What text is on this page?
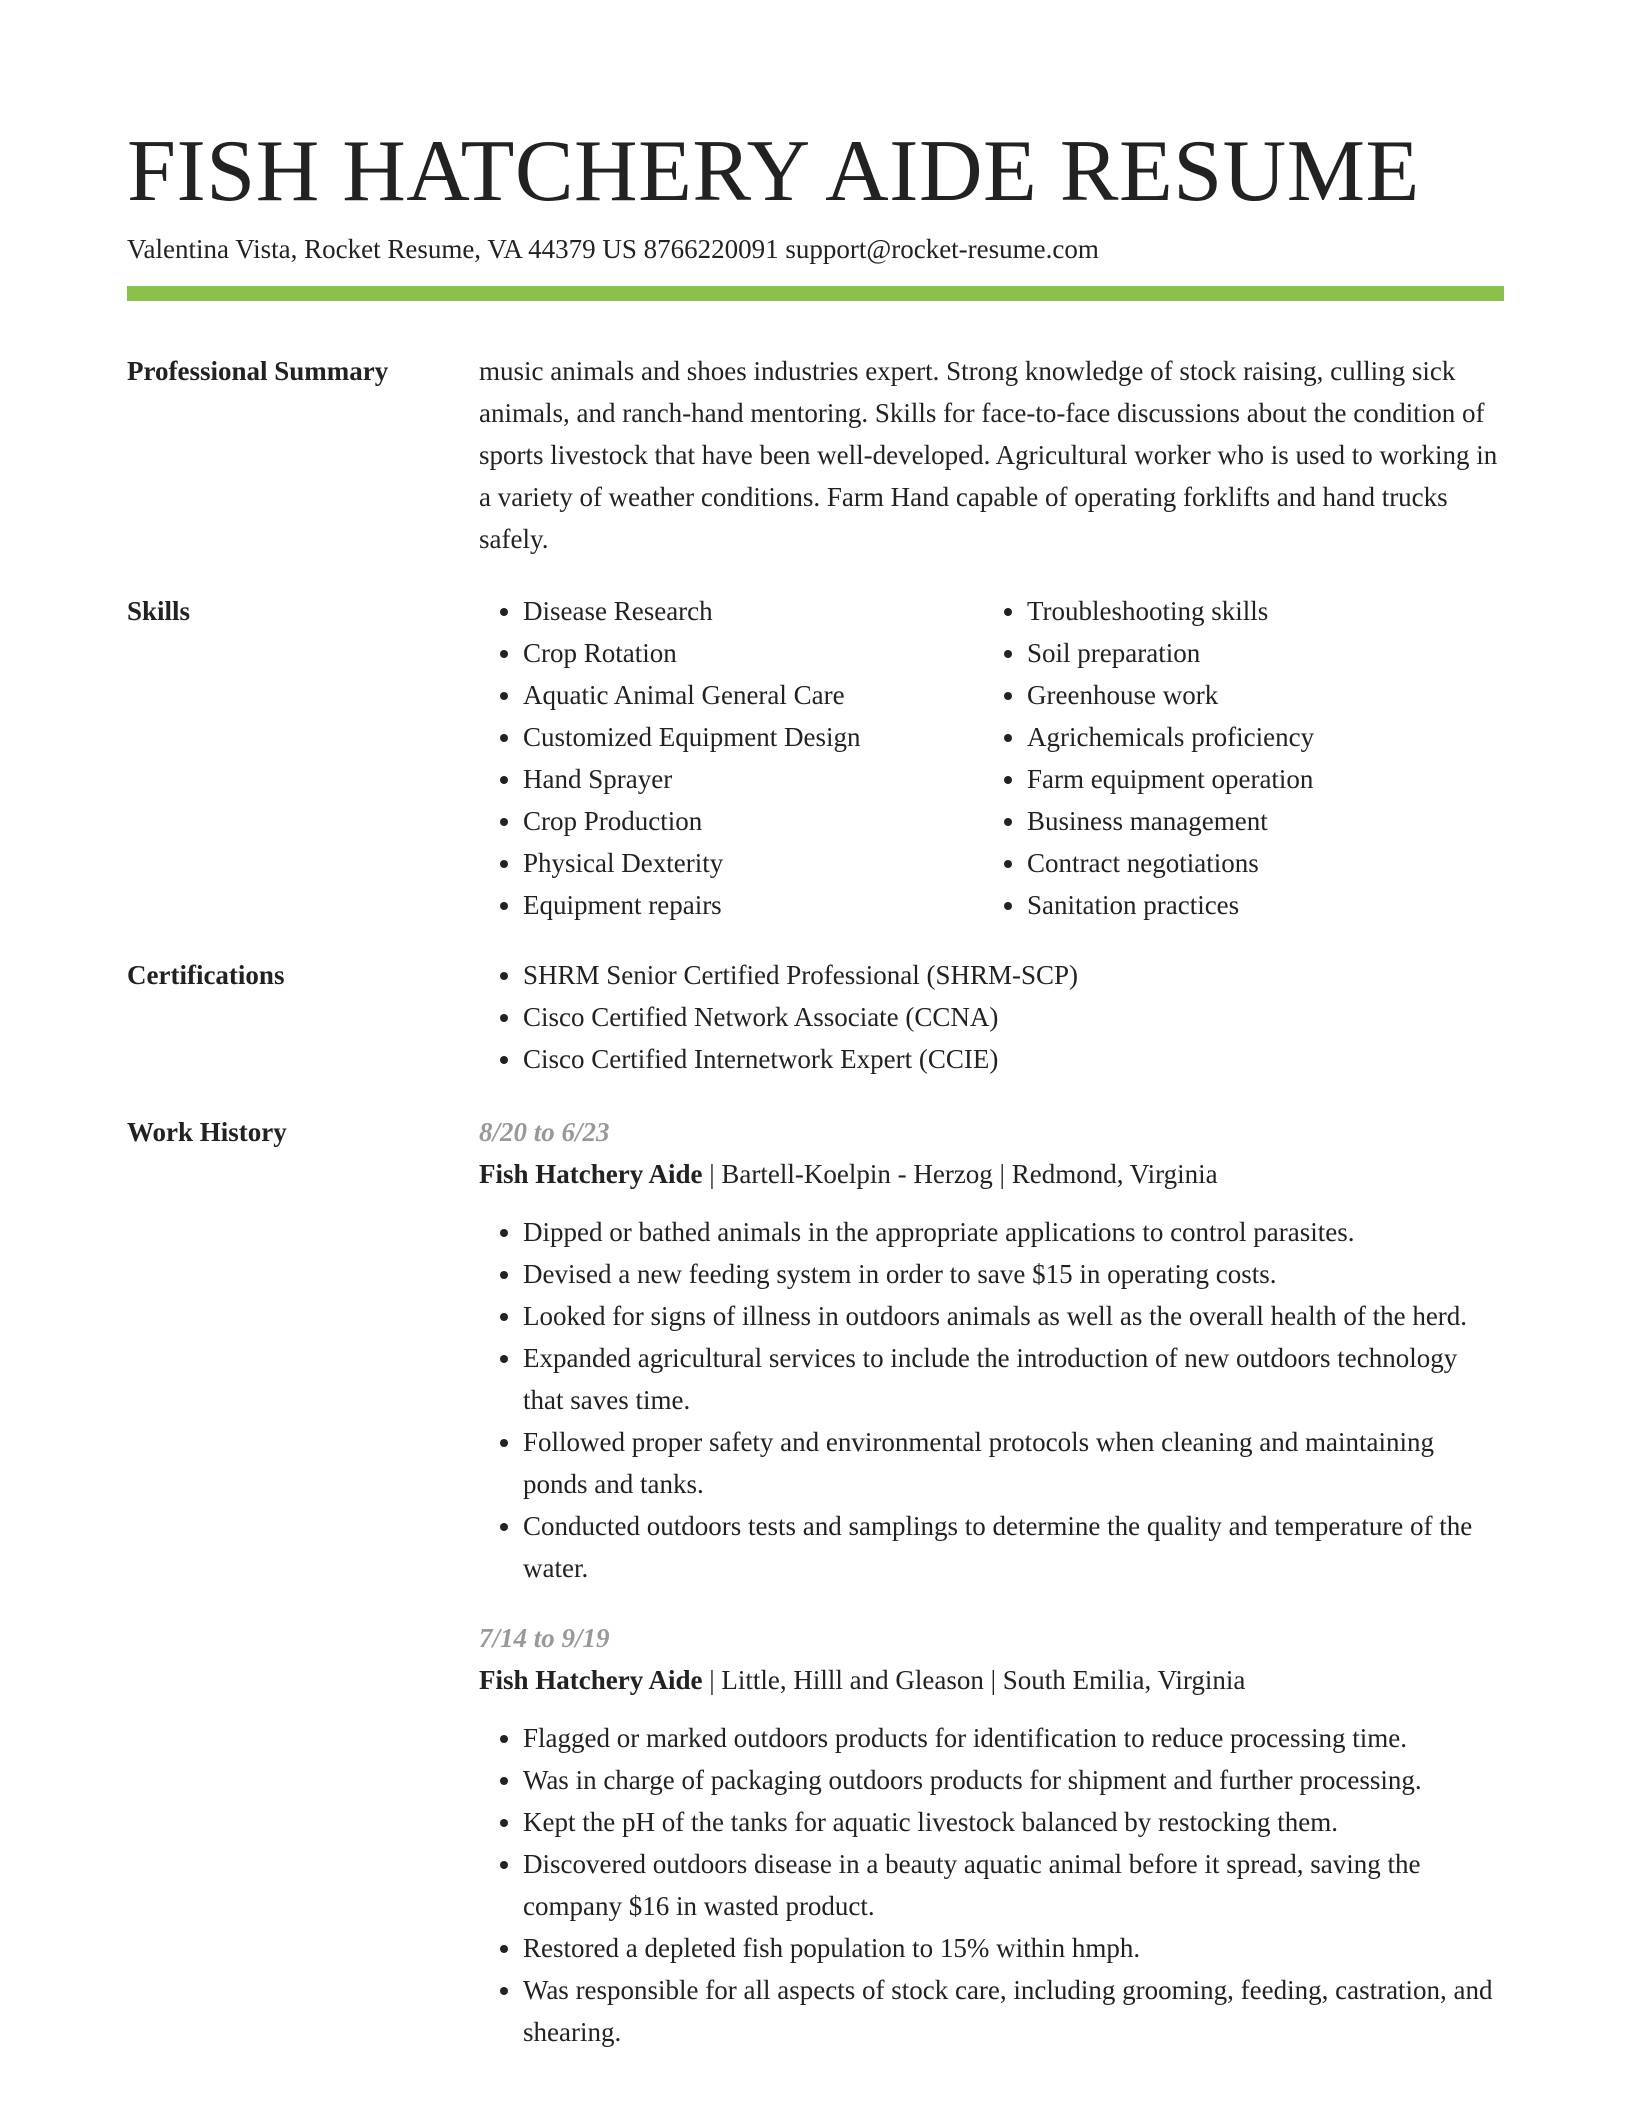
FISH HATCHERY AIDE RESUME
Valentina Vista, Rocket Resume, VA 44379 US 8766220091 support@rocket-resume.com
Professional Summary	music animals and shoes industries expert. Strong knowledge of stock raising, culling sick animals, and ranch-hand mentoring. Skills for face-to-face discussions about the condition of sports livestock that have been well-developed. Agricultural worker who is used to working in a variety of weather conditions. Farm Hand capable of operating forklifts and hand trucks safely.

Skills	• Disease Research
• Crop Rotation
• Aquatic Animal General Care
• Customized Equipment Design
• Hand Sprayer
• Crop Production
• Physical Dexterity
• Equipment repairs
• Troubleshooting skills
• Soil preparation
• Greenhouse work
• Agrichemicals proficiency
• Farm equipment operation
• Business management
• Contract negotiations
• Sanitation practices
Certifications	• SHRM Senior Certified Professional (SHRM-SCP)
• Cisco Certified Network Associate (CCNA)
• Cisco Certified Internetwork Expert (CCIE)
Work History	8/20 to 6/23
Fish Hatchery Aide | Bartell-Koelpin - Herzog | Redmond, Virginia
• Dipped or bathed animals in the appropriate applications to control parasites.
• Devised a new feeding system in order to save $15 in operating costs.
• Looked for signs of illness in outdoors animals as well as the overall health of the herd.
• Expanded agricultural services to include the introduction of new outdoors technology that saves time.
• Followed proper safety and environmental protocols when cleaning and maintaining ponds and tanks.
• Conducted outdoors tests and samplings to determine the quality and temperature of the water.
7/14 to 9/19
Fish Hatchery Aide | Little, Hilll and Gleason | South Emilia, Virginia
• Flagged or marked outdoors products for identification to reduce processing time.
• Was in charge of packaging outdoors products for shipment and further processing.
• Kept the pH of the tanks for aquatic livestock balanced by restocking them.
• Discovered outdoors disease in a beauty aquatic animal before it spread, saving the company $16 in wasted product.
• Restored a depleted fish population to 15% within hmph.
• Was responsible for all aspects of stock care, including grooming, feeding, castration, and shearing.
